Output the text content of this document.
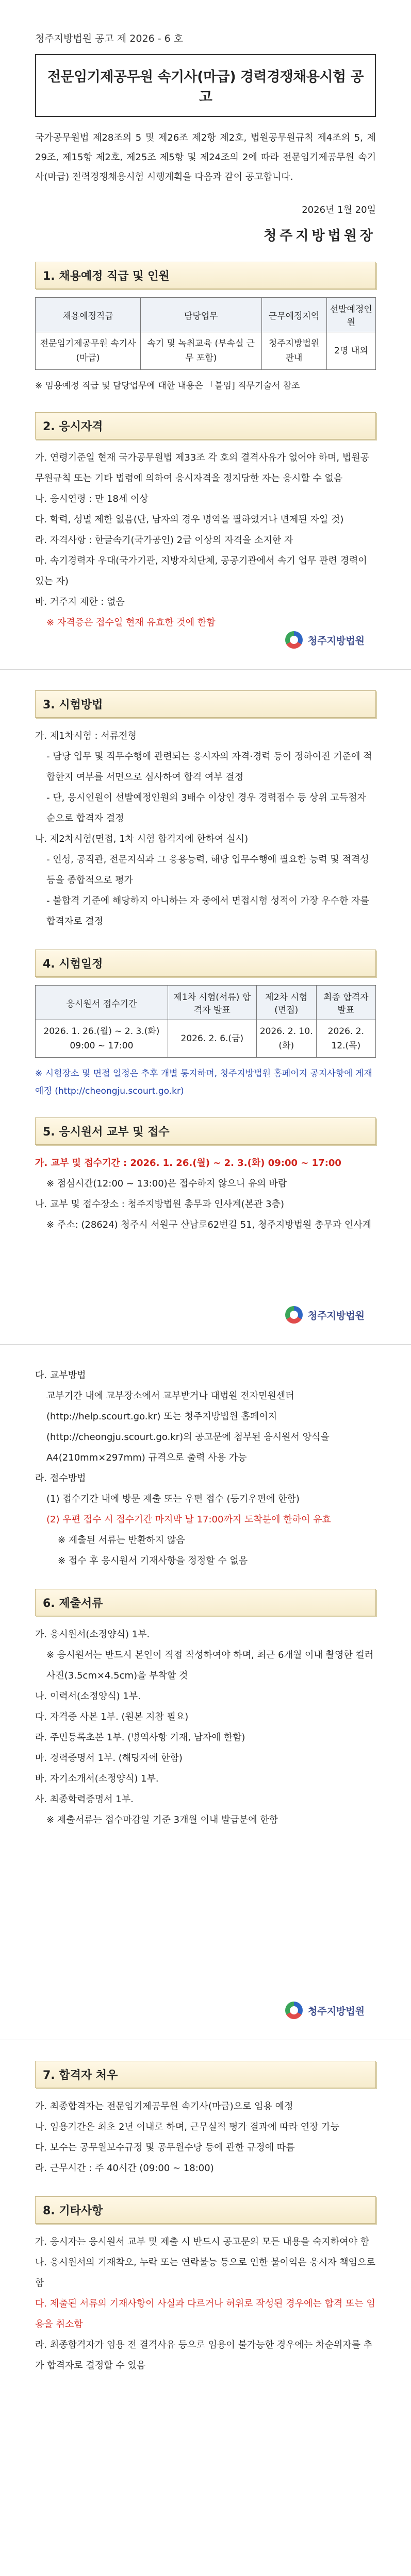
청주지방법원 공고 제 2026 - 6 호
전문임기제공무원 속기사(마급) 경력경쟁채용시험 공고
국가공무원법 제28조의 5 및 제26조 제2항 제2호, 법원공무원규칙 제4조의 5, 제29조, 제15항 제2호, 제25조 제5항 및 제24조의 2에 따라 전문임기제공무원 속기사(마급) 전력경쟁채용시험 시행계획을 다음과 같이 공고합니다.
2026년 1월 20일
청주지방법원장
1. 채용예정 직급 및 인원
채용예정직급	담당업무	근무예정지역	선발예정인원
전문임기제공무원 속기사(마급)	속기 및 녹취교육 (부속실 근무 포함)	청주지방법원 관내	2명 내외
※ 임용예정 직급 및 담당업무에 대한 내용은 「붙임] 직무기술서 참조
2. 응시자격

가. 연령기준일 현재 국가공무원법 제33조 각 호의 결격사유가 없어야 하며, 법원공무원규칙 또는 기타 법령에 의하여 응시자격을 정지당한 자는 응시할 수 없음

나. 응시연령 : 만 18세 이상

다. 학력, 성별 제한 없음(단, 남자의 경우 병역을 필하였거나 면제된 자일 것)

라. 자격사항 : 한글속기(국가공인) 2급 이상의 자격을 소지한 자

마. 속기경력자 우대(국가기관, 지방자치단체, 공공기관에서 속기 업무 관련 경력이 있는 자)

바. 거주지 제한 : 없음

※ 자격증은 접수일 현재 유효한 것에 한함

청주지방법원
3. 시험방법

가. 제1차시험 : 서류전형

- 담당 업무 및 직무수행에 관련되는 응시자의 자격·경력 등이 정하여진 기준에 적합한지 여부를 서면으로 심사하여 합격 여부 결정

- 단, 응시인원이 선발예정인원의 3배수 이상인 경우 경력점수 등 상위 고득점자 순으로 합격자 결정

나. 제2차시험(면접, 1차 시험 합격자에 한하여 실시)

- 인성, 공직관, 전문지식과 그 응용능력, 해당 업무수행에 필요한 능력 및 적격성 등을 종합적으로 평가

- 불합격 기준에 해당하지 아니하는 자 중에서 면접시험 성적이 가장 우수한 자를 합격자로 결정

4. 시험일정
응시원서 접수기간	제1차 시험(서류) 합격자 발표	제2차 시험 (면접)	최종 합격자 발표
2026. 1. 26.(월) ~ 2. 3.(화) 09:00 ~ 17:00	2026. 2. 6.(금)	2026. 2. 10.(화)	2026. 2. 12.(목)
※ 시험장소 및 면접 일정은 추후 개별 통지하며, 청주지방법원 홈페이지 공지사항에 게재 예정 (http://cheongju.scourt.go.kr)
5. 응시원서 교부 및 접수

가. 교부 및 접수기간 : 2026. 1. 26.(월) ~ 2. 3.(화) 09:00 ~ 17:00

※ 점심시간(12:00 ~ 13:00)은 접수하지 않으니 유의 바람

나. 교부 및 접수장소 : 청주지방법원 총무과 인사계(본관 3층)

※ 주소: (28624) 청주시 서원구 산남로62번길 51, 청주지방법원 총무과 인사계

청주지방법원

다. 교부방법

교부기간 내에 교부장소에서 교부받거나 대법원 전자민원센터(http://help.scourt.go.kr) 또는 청주지방법원 홈페이지(http://cheongju.scourt.go.kr)의 공고문에 첨부된 응시원서 양식을 A4(210mm×297mm) 규격으로 출력 사용 가능

라. 접수방법

(1) 접수기간 내에 방문 제출 또는 우편 접수 (등기우편에 한함)

(2) 우편 접수 시 접수기간 마지막 날 17:00까지 도착분에 한하여 유효

※ 제출된 서류는 반환하지 않음

※ 접수 후 응시원서 기재사항을 정정할 수 없음

6. 제출서류

가. 응시원서(소정양식) 1부.

※ 응시원서는 반드시 본인이 직접 작성하여야 하며, 최근 6개월 이내 촬영한 컬러사진(3.5cm×4.5cm)을 부착할 것

나. 이력서(소정양식) 1부.

다. 자격증 사본 1부. (원본 지참 필요)

라. 주민등록초본 1부. (병역사항 기재, 남자에 한함)

마. 경력증명서 1부. (해당자에 한함)

바. 자기소개서(소정양식) 1부.

사. 최종학력증명서 1부.

※ 제출서류는 접수마감일 기준 3개월 이내 발급분에 한함

청주지방법원
7. 합격자 처우

가. 최종합격자는 전문임기제공무원 속기사(마급)으로 임용 예정

나. 임용기간은 최초 2년 이내로 하며, 근무실적 평가 결과에 따라 연장 가능

다. 보수는 공무원보수규정 및 공무원수당 등에 관한 규정에 따름

라. 근무시간 : 주 40시간 (09:00 ~ 18:00)

8. 기타사항

가. 응시자는 응시원서 교부 및 제출 시 반드시 공고문의 모든 내용을 숙지하여야 함

나. 응시원서의 기재착오, 누락 또는 연락불능 등으로 인한 불이익은 응시자 책임으로 함

다. 제출된 서류의 기재사항이 사실과 다르거나 허위로 작성된 경우에는 합격 또는 임용을 취소함

라. 최종합격자가 임용 전 결격사유 등으로 임용이 불가능한 경우에는 차순위자를 추가 합격자로 결정할 수 있음
